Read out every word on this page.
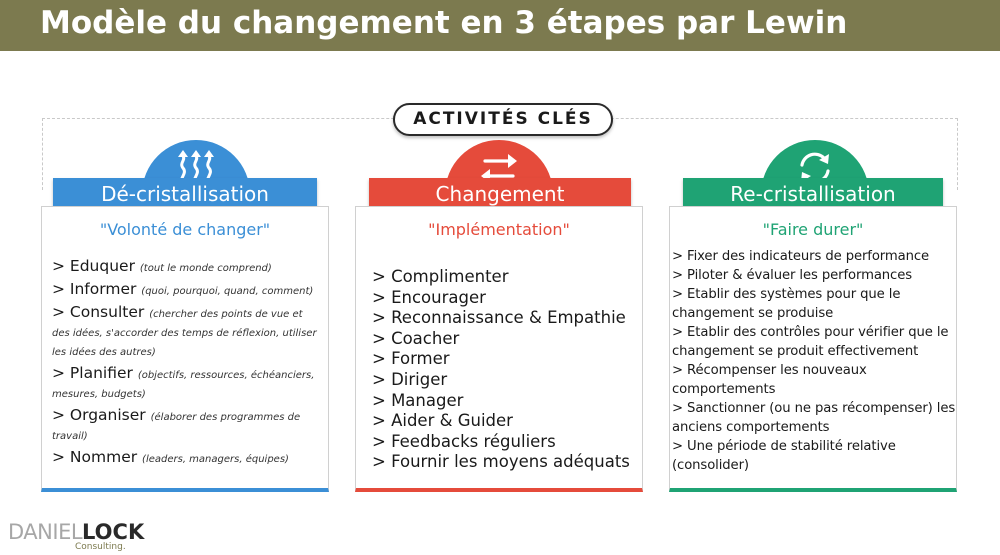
Modèle du changement en 3 étapes par Lewin
ACTIVITÉS CLÉS
Dé-cristallisation
"Volonté de changer"
> Eduquer (tout le monde comprend)
> Informer (quoi, pourquoi, quand, comment)
> Consulter (chercher des points de vue et des idées, s'accorder des temps de réflexion, utiliser les idées des autres)
> Planifier (objectifs, ressources, échéanciers, mesures, budgets)
> Organiser (élaborer des programmes de travail)
> Nommer (leaders, managers, équipes)
Changement
"Implémentation"
> Complimenter
> Encourager
> Reconnaissance & Empathie
> Coacher
> Former
> Diriger
> Manager
> Aider & Guider
> Feedbacks réguliers
> Fournir les moyens adéquats
Re-cristallisation
"Faire durer"
> Fixer des indicateurs de performance
> Piloter & évaluer les performances
> Etablir des systèmes pour que le changement se produise
> Etablir des contrôles pour vérifier que le changement se produit effectivement
> Récompenser les nouveaux comportements
> Sanctionner (ou ne pas récompenser) les anciens comportements
> Une période de stabilité relative (consolider)
DANIELLOCK
Consulting.
